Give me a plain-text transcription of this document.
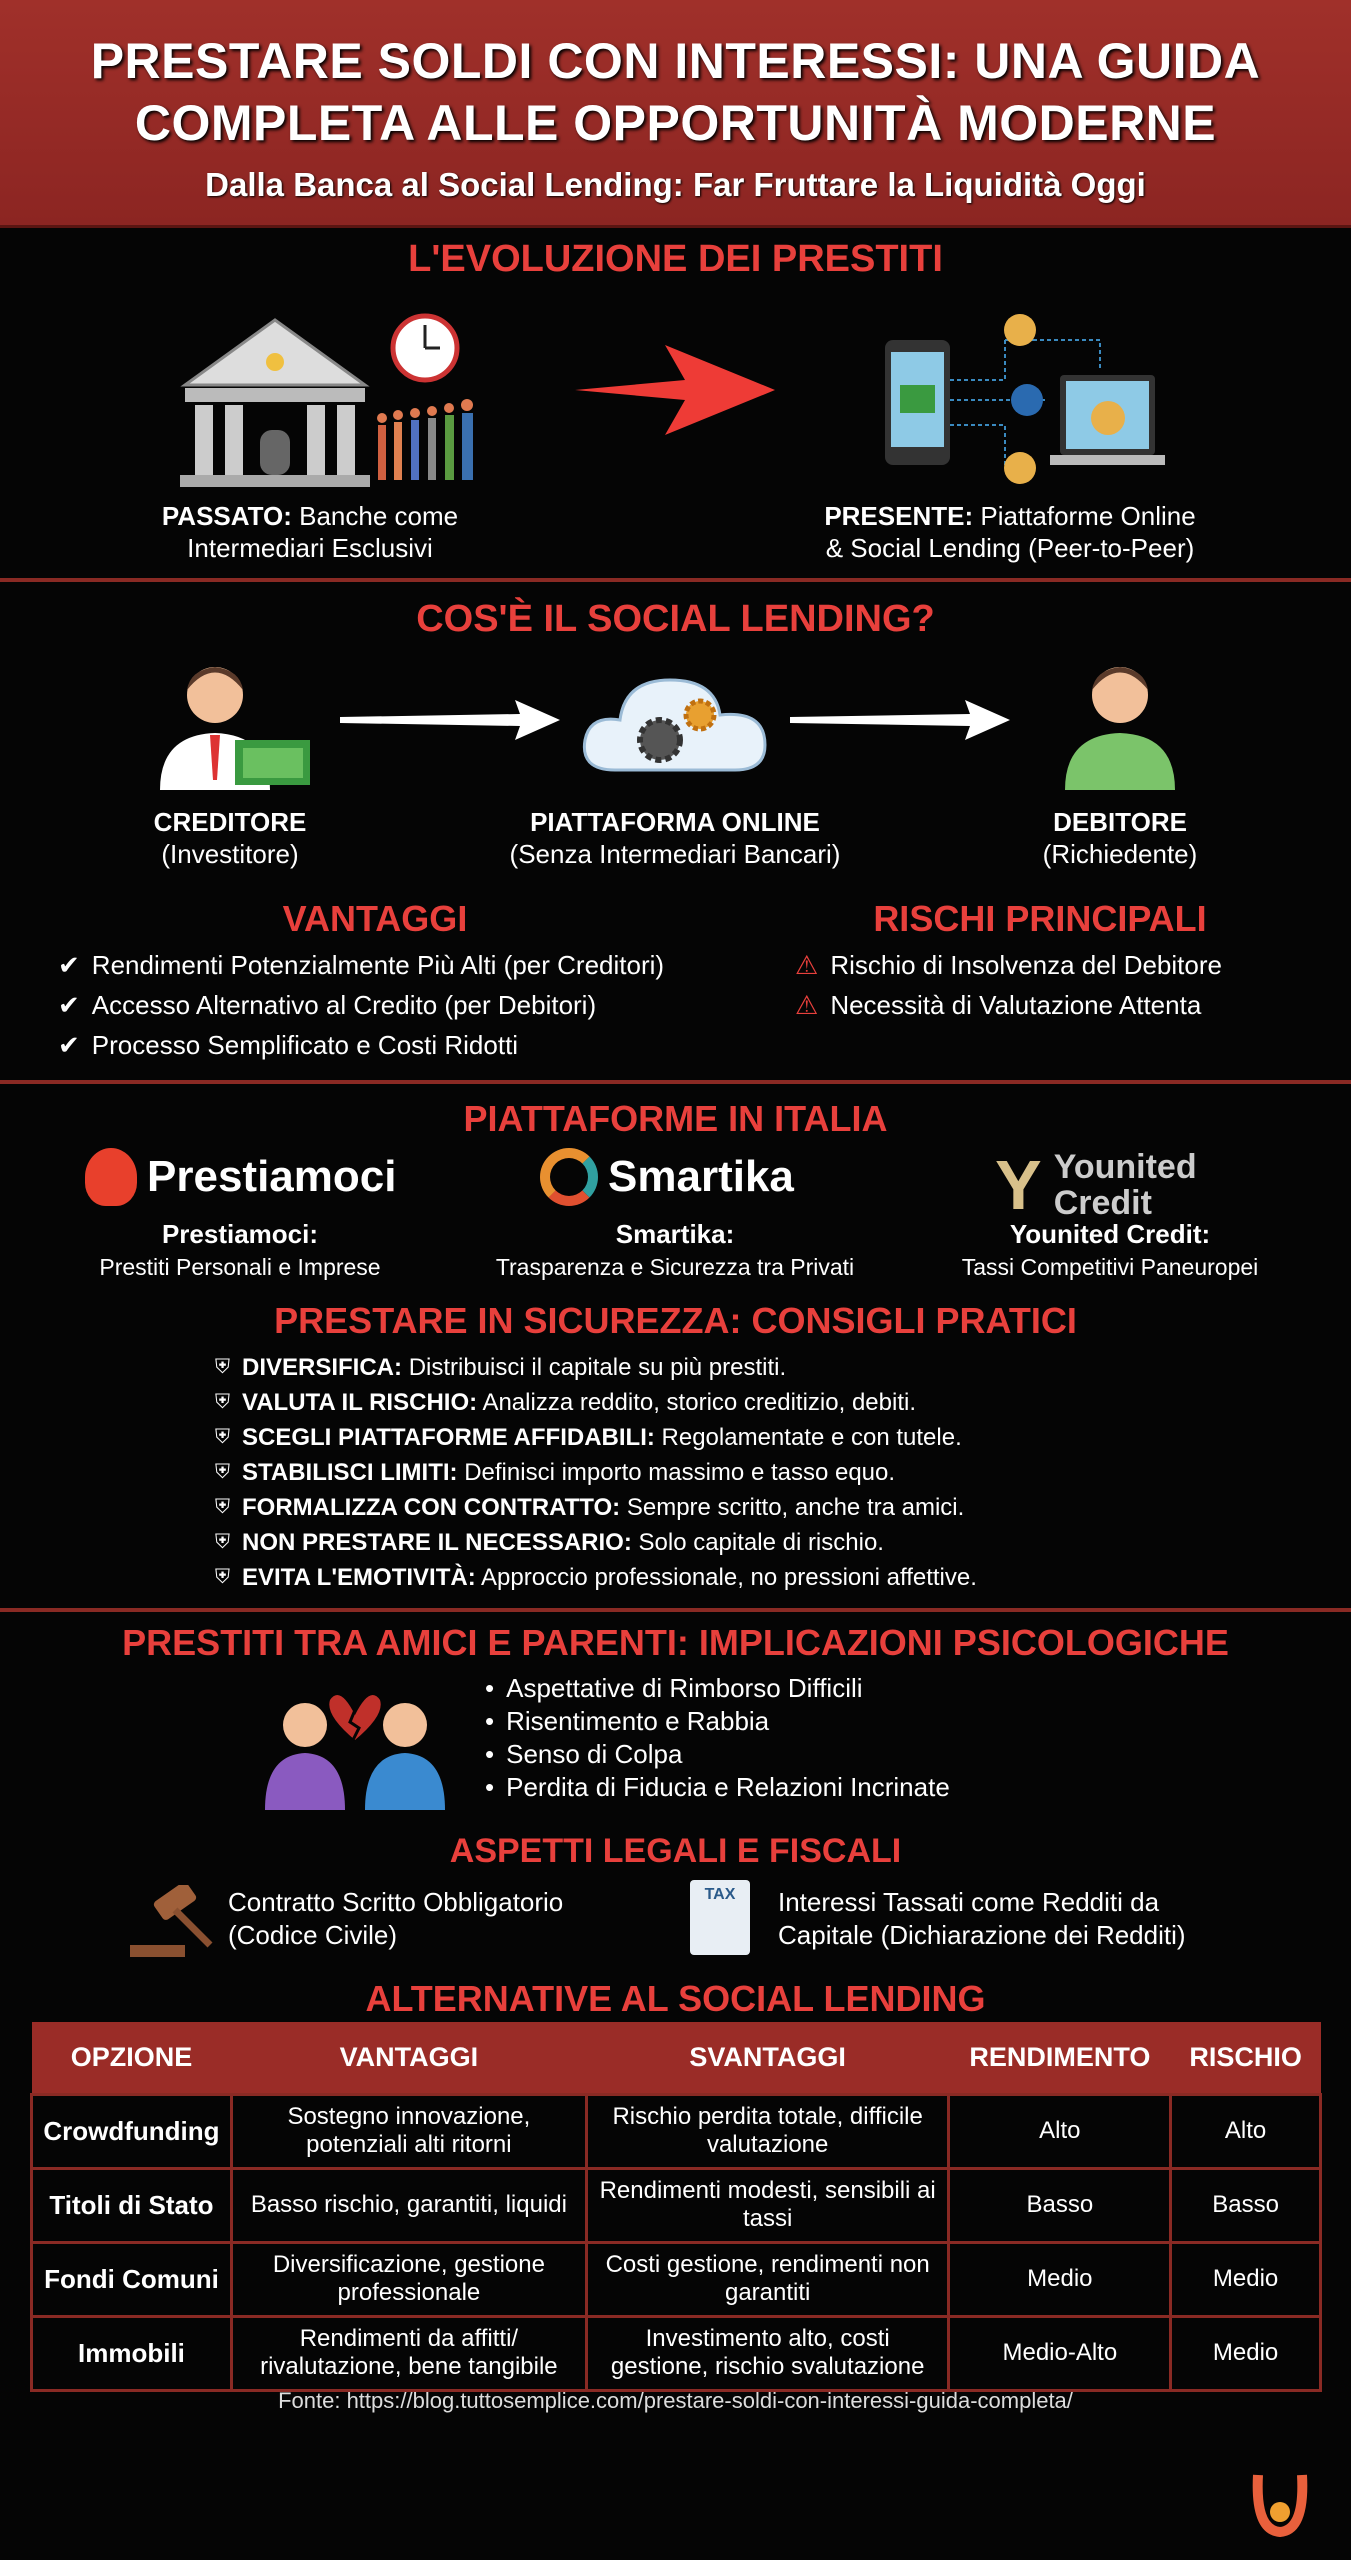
PRESTARE SOLDI CON INTERESSI: UNA GUIDA
COMPLETA ALLE OPPORTUNITÀ MODERNE
Dalla Banca al Social Lending: Far Fruttare la Liquidità Oggi
L'EVOLUZIONE DEI PRESTITI
PASSATO: Banche come
Intermediari Esclusivi
PRESENTE: Piattaforme Online
& Social Lending (Peer-to-Peer)
COS'È IL SOCIAL LENDING?
CREDITORE
(Investitore)
PIATTAFORMA ONLINE
(Senza Intermediari Bancari)
DEBITORE
(Richiedente)
VANTAGGI
✔︎ Rendimenti Potenzialmente Più Alti (per Creditori)
✔︎ Accesso Alternativo al Credito (per Debitori)
✔︎ Processo Semplificato e Costi Ridotti
RISCHI PRINCIPALI
⚠ Rischio di Insolvenza del Debitore
⚠ Necessità di Valutazione Attenta
PIATTAFORME IN ITALIA
Prestiamoci	Smartika	Y Younited
Credit
Prestiamoci:
Prestiti Personali e Imprese
Smartika:
Trasparenza e Sicurezza tra Privati
Younited Credit:
Tassi Competitivi Paneuropei
PRESTARE IN SICUREZZA: CONSIGLI PRATICI
⛨ DIVERSIFICA: Distribuisci il capitale su più prestiti.
⛨ VALUTA IL RISCHIO: Analizza reddito, storico creditizio, debiti.
⛨ SCEGLI PIATTAFORME AFFIDABILI: Regolamentate e con tutele.
⛨ STABILISCI LIMITI: Definisci importo massimo e tasso equo.
⛨ FORMALIZZA CON CONTRATTO: Sempre scritto, anche tra amici.
⛨ NON PRESTARE IL NECESSARIO: Solo capitale di rischio.
⛨ EVITA L'EMOTIVITÀ: Approccio professionale, no pressioni affettive.
PRESTITI TRA AMICI E PARENTI: IMPLICAZIONI PSICOLOGICHE
• Aspettative di Rimborso Difficili
• Risentimento e Rabbia
• Senso di Colpa
• Perdita di Fiducia e Relazioni Incrinate
ASPETTI LEGALI E FISCALI
Contratto Scritto Obbligatorio
(Codice Civile)
TAX	Interessi Tassati come Redditi da
Capitale (Dichiarazione dei Redditi)
ALTERNATIVE AL SOCIAL LENDING
OPZIONE	VANTAGGI	SVANTAGGI	RENDIMENTO	RISCHIO
Crowdfunding	Sostegno innovazione, potenziali alti ritorni	Rischio perdita totale, difficile valutazione	Alto	Alto
Titoli di Stato	Basso rischio, garantiti, liquidi	Rendimenti modesti, sensibili ai tassi	Basso	Basso
Fondi Comuni	Diversificazione, gestione professionale	Costi gestione, rendimenti non garantiti	Medio	Medio
Immobili	Rendimenti da affitti/ rivalutazione, bene tangibile	Investimento alto, costi gestione, rischio svalutazione	Medio-Alto	Medio
Fonte: https://blog.tuttosemplice.com/prestare-soldi-con-interessi-guida-completa/
